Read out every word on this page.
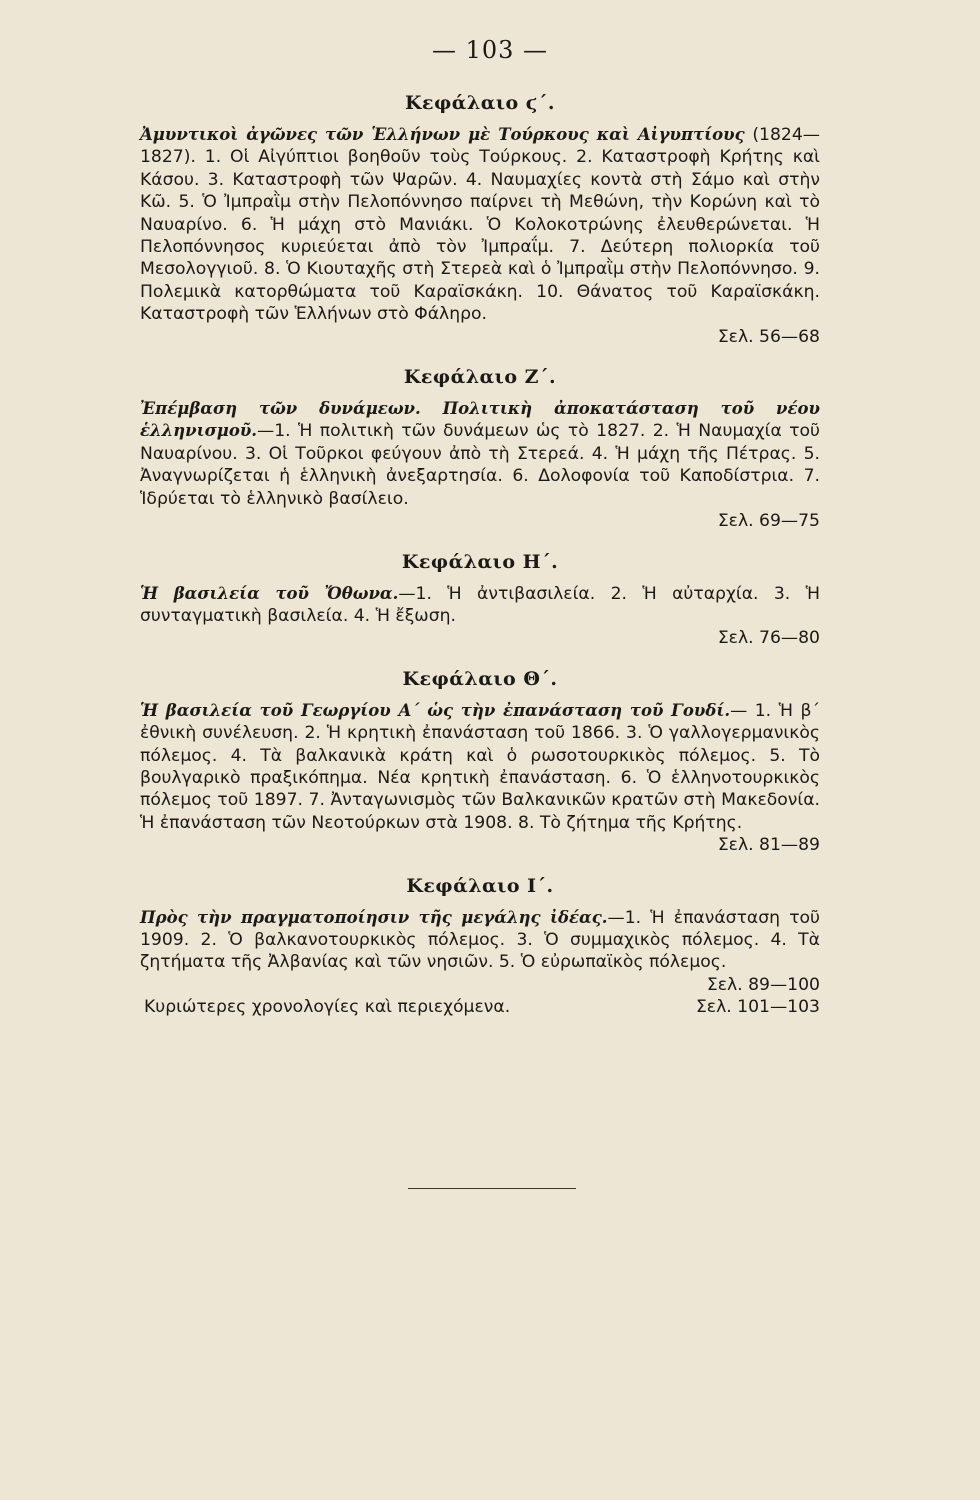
— 103 —
Κεφάλαιο ϛ΄.

Ἀμυντικοὶ ἀγῶνες τῶν Ἑλλήνων μὲ Τούρκους καὶ Αἰγυπτίους (1824—1827). 1. Οἱ Αἰγύπτιοι βοηθοῦν τοὺς Τούρκους. 2. Καταστροφὴ Κρήτης καὶ Κάσου. 3. Καταστροφὴ τῶν Ψαρῶν. 4. Ναυμαχίες κοντὰ στὴ Σάμο καὶ στὴν Κῶ. 5. Ὁ Ἰμπραῒμ στὴν Πελοπόννησο παίρνει τὴ Μεθώνη, τὴν Κορώνη καὶ τὸ Ναυαρίνο. 6. Ἡ μάχη στὸ Μανιάκι. Ὁ Κολοκοτρώνης ἐλευθερώνεται. Ἡ Πελοπόννησος κυριεύεται ἀπὸ τὸν Ἰμπραΐμ. 7. Δεύτερη πολιορκία τοῦ Μεσολογγιοῦ. 8. Ὁ Κιουταχῆς στὴ Στερεὰ καὶ ὁ Ἰμπραῒμ στὴν Πελοπόννησο. 9. Πολεμικὰ κατορθώματα τοῦ Καραϊσκάκη. 10. Θάνατος τοῦ Καραϊσκάκη. Καταστροφὴ τῶν Ἑλλήνων στὸ Φάληρο.
Σελ. 56—68

Κεφάλαιο Ζ΄.

Ἐπέμβαση τῶν δυνάμεων. Πολιτικὴ ἀποκατάσταση τοῦ νέου ἑλληνισμοῦ.—1. Ἡ πολιτικὴ τῶν δυνάμεων ὡς τὸ 1827. 2. Ἡ Ναυμαχία τοῦ Ναυαρίνου. 3. Οἱ Τοῦρκοι φεύγουν ἀπὸ τὴ Στερεά. 4. Ἡ μάχη τῆς Πέτρας. 5. Ἀναγνωρίζεται ἡ ἑλληνικὴ ἀνεξαρτησία. 6. Δολοφονία τοῦ Καποδίστρια. 7. Ἱδρύεται τὸ ἑλληνικὸ βασίλειο.
Σελ. 69—75

Κεφάλαιο Η΄.

Ἡ βασιλεία τοῦ Ὄθωνα.—1. Ἡ ἀντιβασιλεία. 2. Ἡ αὐταρχία. 3. Ἡ συνταγματικὴ βασιλεία. 4. Ἡ ἔξωση.
Σελ. 76—80

Κεφάλαιο Θ΄.

Ἡ βασιλεία τοῦ Γεωργίου Α΄ ὡς τὴν ἐπανάσταση τοῦ Γουδί.— 1. Ἡ β΄ ἐθνικὴ συνέλευση. 2. Ἡ κρητικὴ ἐπανάσταση τοῦ 1866. 3. Ὁ γαλλογερμανικὸς πόλεμος. 4. Τὰ βαλκανικὰ κράτη καὶ ὁ ρωσοτουρκικὸς πόλεμος. 5. Τὸ βουλγαρικὸ πραξικόπημα. Νέα κρητικὴ ἐπανάσταση. 6. Ὁ ἑλληνοτουρκικὸς πόλεμος τοῦ 1897. 7. Ἀνταγωνισμὸς τῶν Βαλκανικῶν κρατῶν στὴ Μακεδονία. Ἡ ἐπανάσταση τῶν Νεοτούρκων στὰ 1908. 8. Τὸ ζήτημα τῆς Κρήτης.
Σελ. 81—89

Κεφάλαιο Ι΄.

Πρὸς τὴν πραγματοποίησιν τῆς μεγάλης ἰδέας.—1. Ἡ ἐπανάσταση τοῦ 1909. 2. Ὁ βαλκανοτουρκικὸς πόλεμος. 3. Ὁ συμμαχικὸς πόλεμος. 4. Τὰ ζητήματα τῆς Ἀλβανίας καὶ τῶν νησιῶν. 5. Ὁ εὐρωπαϊκὸς πόλεμος.
Σελ. 89—100

Κυριώτερες χρονολογίες καὶ περιεχόμενα.	Σελ. 101—103
